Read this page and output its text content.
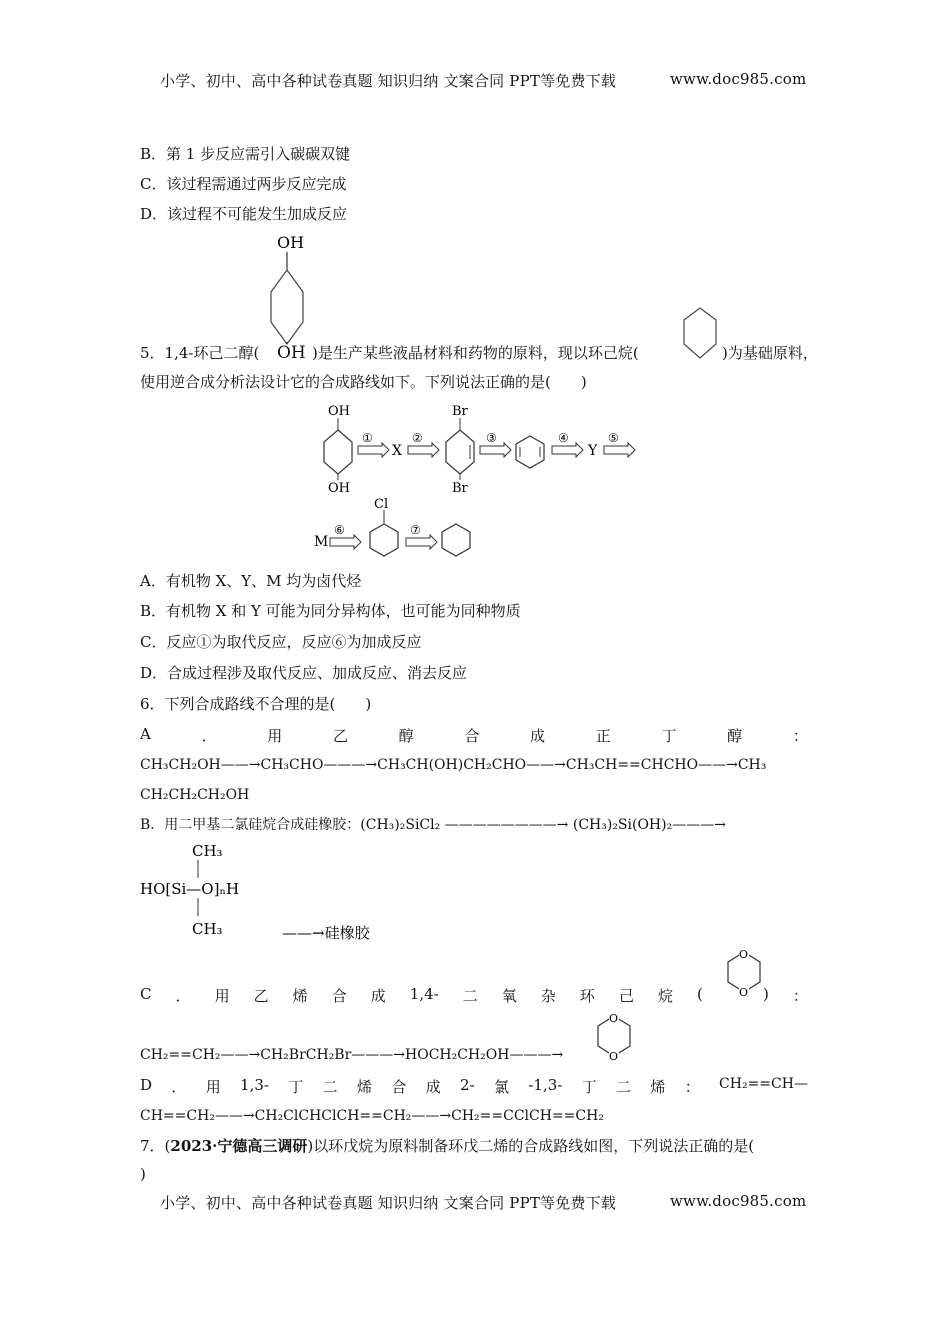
小学、初中、高中各种试卷真题 知识归纳 文案合同 PPT等免费下载	www.doc985.com
B．第 1 步反应需引入碳碳双键
C．该过程需通过两步反应完成
D．该过程不可能发生加成反应
OH
5．1,4-环己二醇( OH )是生产某些液晶材料和药物的原料，现以环己烷(	)为基础原料，
使用逆合成分析法设计它的合成路线如下。下列说法正确的是(　　)
OH
OH
①
X
②
Br
Br
③	④
Y
⑤
M
⑥
Cl
⑦
A．有机物 X、Y、M 均为卤代烃
B．有机物 X 和 Y 可能为同分异构体，也可能为同种物质
C．反应①为取代反应，反应⑥为加成反应
D．合成过程涉及取代反应、加成反应、消去反应
6．下列合成路线不合理的是(　　)
A	．	用	乙	醇	合	成	正	丁	醇	：
CH₃CH₂OH——→CH₃CHO———→CH₃CH(OH)CH₂CHO——→CH₃CH==CHCHO——→CH₃
CH₂CH₂CH₂OH
B．用二甲基二氯硅烷合成硅橡胶：(CH₃)₂SiCl₂ ————————→ (CH₃)₂Si(OH)₂———→
CH₃
HO[Si—O]ₙH
CH₃	——→硅橡胶
C ． 用 乙 烯 合 成 1,4- 二 氧 杂 环 己 烷 (	) ：
O
O
CH₂==CH₂——→CH₂BrCH₂Br———→HOCH₂CH₂OH———→
O
O
D ． 用 1,3- 丁 二 烯 合 成 2- 氯 -1,3- 丁 二 烯 ： CH₂==CH—
CH==CH₂——→CH₂ClCHClCH==CH₂——→CH₂==CClCH==CH₂
7．(2023·宁德高三调研)以环戊烷为原料制备环戊二烯的合成路线如图，下列说法正确的是(
)
小学、初中、高中各种试卷真题 知识归纳 文案合同 PPT等免费下载	www.doc985.com
